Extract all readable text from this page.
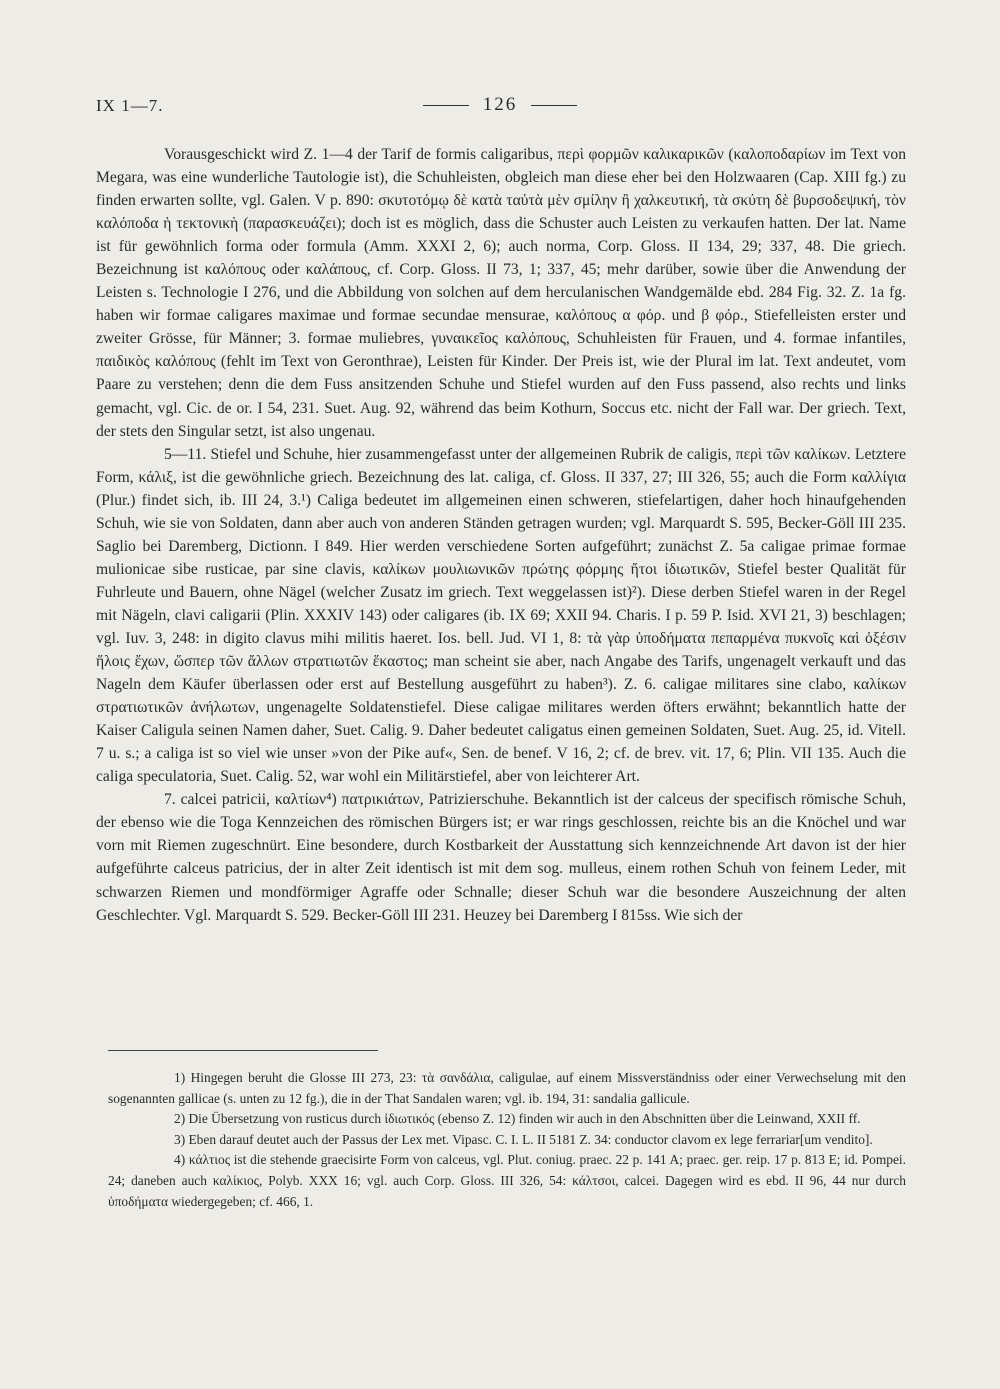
IX 1—7.	126

Vorausgeschickt wird Z. 1—4 der Tarif de formis caligaribus, περὶ φορμῶν καλικαρικῶν (καλοποδαρίων im Text von Megara, was eine wunderliche Tautologie ist), die Schuhleisten, obgleich man diese eher bei den Holzwaaren (Cap. XIII fg.) zu finden erwarten sollte, vgl. Galen. V p. 890: σκυτοτόμῳ δὲ κατὰ ταὐτὰ μὲν σμίλην ἢ χαλκευτική, τὰ σκύτη δὲ βυρσοδεψική, τὸν καλόποδα ἡ τεκτονικὴ (παρασκευάζει); doch ist es möglich, dass die Schuster auch Leisten zu verkaufen hatten. Der lat. Name ist für gewöhnlich forma oder formula (Amm. XXXI 2, 6); auch norma, Corp. Gloss. II 134, 29; 337, 48. Die griech. Bezeichnung ist καλόπους oder καλάπους, cf. Corp. Gloss. II 73, 1; 337, 45; mehr darüber, sowie über die Anwendung der Leisten s. Technologie I 276, und die Abbildung von solchen auf dem herculanischen Wandgemälde ebd. 284 Fig. 32. Z. 1a fg. haben wir formae caligares maximae und formae secundae mensurae, καλόπους α φόρ. und β φόρ., Stiefelleisten erster und zweiter Grösse, für Männer; 3. formae muliebres, γυναικεῖος καλόπους, Schuhleisten für Frauen, und 4. formae infantiles, παιδικὸς καλόπους (fehlt im Text von Geronthrae), Leisten für Kinder. Der Preis ist, wie der Plural im lat. Text andeutet, vom Paare zu verstehen; denn die dem Fuss ansitzenden Schuhe und Stiefel wurden auf den Fuss passend, also rechts und links gemacht, vgl. Cic. de or. I 54, 231. Suet. Aug. 92, während das beim Kothurn, Soccus etc. nicht der Fall war. Der griech. Text, der stets den Singular setzt, ist also ungenau.

5—11. Stiefel und Schuhe, hier zusammengefasst unter der allgemeinen Rubrik de caligis, περὶ τῶν καλίκων. Letztere Form, κάλιξ, ist die gewöhnliche griech. Bezeichnung des lat. caliga, cf. Gloss. II 337, 27; III 326, 55; auch die Form καλλίγια (Plur.) findet sich, ib. III 24, 3.¹) Caliga bedeutet im allgemeinen einen schweren, stiefelartigen, daher hoch hinaufgehenden Schuh, wie sie von Soldaten, dann aber auch von anderen Ständen getragen wurden; vgl. Marquardt S. 595, Becker-Göll III 235. Saglio bei Daremberg, Dictionn. I 849. Hier werden verschiedene Sorten aufgeführt; zunächst Z. 5a caligae primae formae mulionicae sibe rusticae, par sine clavis, καλίκων μουλιωνικῶν πρώτης φόρμης ἤτοι ἰδιωτικῶν, Stiefel bester Qualität für Fuhrleute und Bauern, ohne Nägel (welcher Zusatz im griech. Text weggelassen ist)²). Diese derben Stiefel waren in der Regel mit Nägeln, clavi caligarii (Plin. XXXIV 143) oder caligares (ib. IX 69; XXII 94. Charis. I p. 59 P. Isid. XVI 21, 3) beschlagen; vgl. Iuv. 3, 248: in digito clavus mihi militis haeret. Ios. bell. Jud. VI 1, 8: τὰ γὰρ ὑποδήματα πεπαρμένα πυκνοῖς καὶ ὀξέσιν ἥλοις ἔχων, ὥσπερ τῶν ἄλλων στρατιωτῶν ἕκαστος; man scheint sie aber, nach Angabe des Tarifs, ungenagelt verkauft und das Nageln dem Käufer überlassen oder erst auf Bestellung ausgeführt zu haben³). Z. 6. caligae militares sine clabo, καλίκων στρατιωτικῶν ἀνήλωτων, ungenagelte Soldatenstiefel. Diese caligae militares werden öfters erwähnt; bekanntlich hatte der Kaiser Caligula seinen Namen daher, Suet. Calig. 9. Daher bedeutet caligatus einen gemeinen Soldaten, Suet. Aug. 25, id. Vitell. 7 u. s.; a caliga ist so viel wie unser »von der Pike auf«, Sen. de benef. V 16, 2; cf. de brev. vit. 17, 6; Plin. VII 135. Auch die caliga speculatoria, Suet. Calig. 52, war wohl ein Militärstiefel, aber von leichterer Art.

7. calcei patricii, καλτίων⁴) πατρικιάτων, Patrizierschuhe. Bekanntlich ist der calceus der specifisch römische Schuh, der ebenso wie die Toga Kennzeichen des römischen Bürgers ist; er war rings geschlossen, reichte bis an die Knöchel und war vorn mit Riemen zugeschnürt. Eine besondere, durch Kostbarkeit der Ausstattung sich kennzeichnende Art davon ist der hier aufgeführte calceus patricius, der in alter Zeit identisch ist mit dem sog. mulleus, einem rothen Schuh von feinem Leder, mit schwarzen Riemen und mondförmiger Agraffe oder Schnalle; dieser Schuh war die besondere Auszeichnung der alten Geschlechter. Vgl. Marquardt S. 529. Becker-Göll III 231. Heuzey bei Daremberg I 815ss. Wie sich der

1) Hingegen beruht die Glosse III 273, 23: τὰ σανδάλια, caligulae, auf einem Missverständniss oder einer Verwechselung mit den sogenannten gallicae (s. unten zu 12 fg.), die in der That Sandalen waren; vgl. ib. 194, 31: sandalia gallicule.

2) Die Übersetzung von rusticus durch ἰδιωτικός (ebenso Z. 12) finden wir auch in den Abschnitten über die Leinwand, XXII ff.

3) Eben darauf deutet auch der Passus der Lex met. Vipasc. C. I. L. II 5181 Z. 34: conductor clavom ex lege ferrariar[um vendito].

4) κάλτιος ist die stehende graecisirte Form von calceus, vgl. Plut. coniug. praec. 22 p. 141 A; praec. ger. reip. 17 p. 813 E; id. Pompei. 24; daneben auch καλίκιος, Polyb. XXX 16; vgl. auch Corp. Gloss. III 326, 54: κάλτσοι, calcei. Dagegen wird es ebd. II 96, 44 nur durch ὑποδήματα wiedergegeben; cf. 466, 1.
